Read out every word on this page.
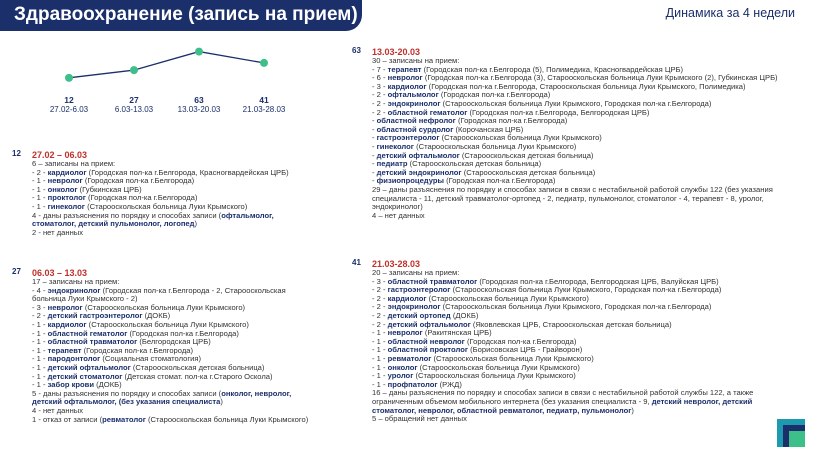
Здравоохранение (запись на прием)	Динамика за 4 недели
12
27.02-6.03
27
6.03-13.03
63
13.03-20.03
41
21.03-28.03
12 27.02 – 06.03
6 – записаны на прием:
- 2 - кардиолог (Городская пол-ка г.Белгорода, Красногвардейская ЦРБ)
- 1 - невролог (Городская пол-ка г.Белгорода)
- 1 - онколог (Губкинская ЦРБ)
- 1 - проктолог (Городская пол-ка г.Белгорода)
- 1 - гинеколог (Старооскольская больница Луки Крымского)
4 - даны разъяснения по порядку и способах записи (офтальмолог, стоматолог, детский пульмонолог, логопед)
2 - нет данных
27 06.03 – 13.03
17 – записаны на прием:
- 4 - эндокринолог (Городская пол-ка г.Белгорода - 2, Старооскольская больница Луки Крымского - 2)
- 3 - невролог (Старооскольская больница Луки Крымского)
- 2 - детский гастроэнтеролог (ДОКБ)
- 1 - кардиолог (Старооскольская больница Луки Крымского)
- 1 - областной гематолог (Городская пол-ка г.Белгорода)
- 1 - областной травматолог (Белгородская ЦРБ)
- 1 - терапевт (Городская пол-ка г.Белгорода)
- 1 - пародонтолог (Социальная стоматология)
- 1 - детский офтальмолог (Старооскольская детская больница)
- 1 - детский стоматолог (Детская стомат. пол-ка г.Старого Оскола)
- 1 - забор крови (ДОКБ)
5 - даны разъяснения по порядку и способах записи (онколог, невролог, детский офтальмолог, (без указания специалиста)
4 - нет данных
1 - отказ от записи (ревматолог (Старооскольская больница Луки Крымского)
63 13.03-20.03
30 – записаны на прием:
- 7 - терапевт (Городская пол-ка г.Белгорода (5), Полимедика, Красногвардейская ЦРБ)
- 6 - невролог (Городская пол-ка г.Белгорода (3), Старооскольская больница Луки Крымского (2), Губкинская ЦРБ)
- 3 - кардиолог (Городская пол-ка г.Белгорода, Старооскольская больница Луки Крымского, Полимедика)
- 2 - офтальмолог (Городская пол-ка г.Белгорода)
- 2 - эндокринолог (Старооскольская больница Луки Крымского, Городская пол-ка г.Белгорода)
- 2 - областной гематолог (Городская пол-ка г.Белгорода, Белгородская ЦРБ)
- областной нефролог (Городская пол-ка г.Белгорода)
- областной сурдолог (Корочанская ЦРБ)
- гастроэнтеролог (Старооскольская больница Луки Крымского)
- гинеколог (Старооскольская больница Луки Крымского)
- детский офтальмолог (Старооскольская детская больница)
- педиатр (Старооскольская детская больница)
- детский эндокринолог (Старооскольская детская больница)
- физиопроцедуры (Городская пол-ка г.Белгорода)
29 – даны разъяснения по порядку и способах записи в связи с нестабильной работой службы 122 (без указания специалиста - 11, детский травматолог-ортопед - 2, педиатр, пульмонолог, стоматолог - 4, терапевт - 8, уролог, эндокринолог)
4 – нет данных
41 21.03-28.03
20 – записаны на прием:
- 3 - областной травматолог (Городская пол-ка г.Белгорода, Белгородская ЦРБ, Валуйская ЦРБ)
- 2 - гастроэнтеролог (Старооскольская больница Луки Крымского, Городская пол-ка г.Белгорода)
- 2 - кардиолог (Старооскольская больница Луки Крымского)
- 2 - эндокринолог (Старооскольская больница Луки Крымского, Городская пол-ка г.Белгорода)
- 2 - детский ортопед (ДОКБ)
- 2 - детский офтальмолог (Яковлевская ЦРБ, Старооскольская детская больница)
- 1 - невролог (Ракитянская ЦРБ)
- 1 - областной невролог (Городская пол-ка г.Белгорода)
- 1 - областной проктолог (Борисовская ЦРБ - Грайворон)
- 1 - ревматолог (Старооскольская больница Луки Крымского)
- 1 - онколог (Старооскольская больница Луки Крымского)
- 1 - уролог (Старооскольская больница Луки Крымского)
- 1 - профпатолог (РЖД)
16 – даны разъяснения по порядку и способах записи в связи с нестабильной работой службы 122, а также ограниченным объемом мобильного интернета (без указания специалиста - 9, детский невролог, детский стоматолог, невролог, областной ревматолог, педиатр, пульмонолог)
5 – обращений нет данных
